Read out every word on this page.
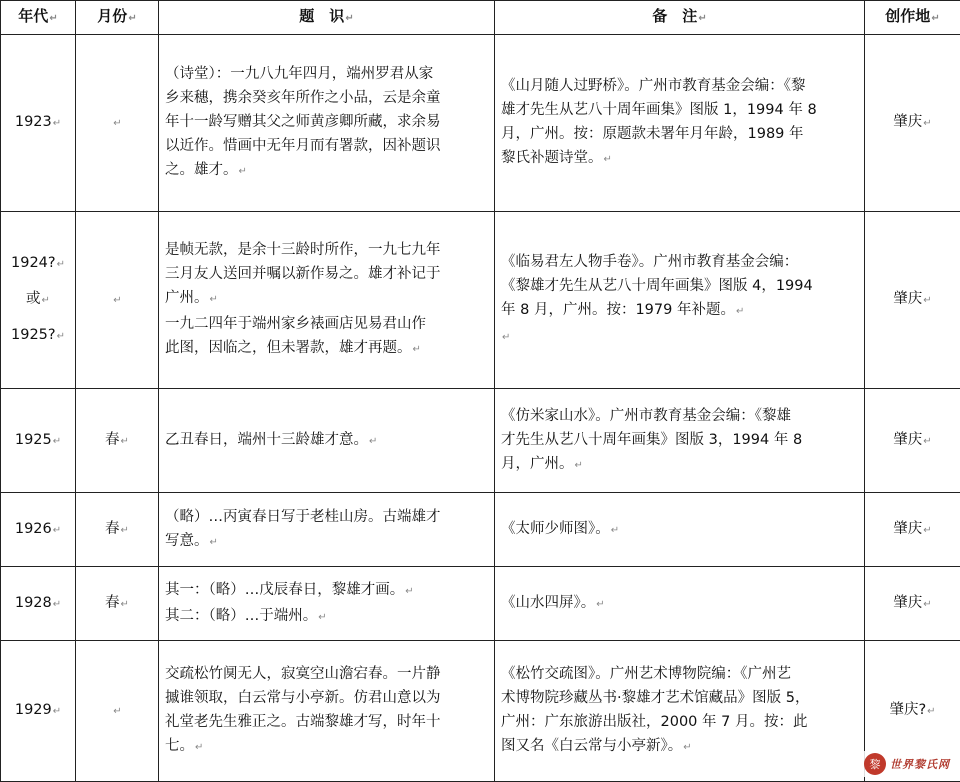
年代↵	月份↵	题　识↵	备　注↵	创作地↵
1923↵	↵	（诗堂）：一九八九年四月，端州罗君从家
乡来穗，携余癸亥年所作之小品，云是余童
年十一龄写赠其父之师黄彦卿所藏，求余易
以近作。惜画中无年月而有署款，因补题识
之。雄才。↵	《山月随人过野桥》。广州市教育基金会编：《黎
雄才先生从艺八十周年画集》图版 1，1994 年 8
月，广州。按：原题款未署年月年龄，1989 年
黎氏补题诗堂。↵	肇庆↵

1924?↵
或↵
1925?↵	↵	是帧无款，是余十三龄时所作，一九七九年
三月友人送回并嘱以新作易之。雄才补记于
广州。↵
一九二四年于端州家乡裱画店见易君山作
此图，因临之，但未署款，雄才再题。↵	《临易君左人物手卷》。广州市教育基金会编：
《黎雄才先生从艺八十周年画集》图版 4，1994
年 8 月，广州。按：1979 年补题。↵
↵	肇庆↵
1925↵	春↵	乙丑春日，端州十三龄雄才意。↵	《仿米家山水》。广州市教育基金会编：《黎雄
才先生从艺八十周年画集》图版 3，1994 年 8
月，广州。↵	肇庆↵
1926↵	春↵	（略）…丙寅春日写于老桂山房。古端雄才
写意。↵	《太师少师图》。↵	肇庆↵
1928↵	春↵	其一：（略）…戊辰春日，黎雄才画。↵
其二：（略）…于端州。↵	《山水四屏》。↵	肇庆↵
1929↵	↵	交疏松竹阒无人，寂寞空山澹宕春。一片静
摵谁领取，白云常与小亭新。仿君山意以为
礼堂老先生雅正之。古端黎雄才写，时年十
七。↵	《松竹交疏图》。广州艺术博物院编：《广州艺
术博物院珍藏丛书·黎雄才艺术馆藏品》图版 5，
广州：广东旅游出版社，2000 年 7 月。按：此
图又名《白云常与小亭新》。↵	肇庆?↵
黎 世界黎氏网
